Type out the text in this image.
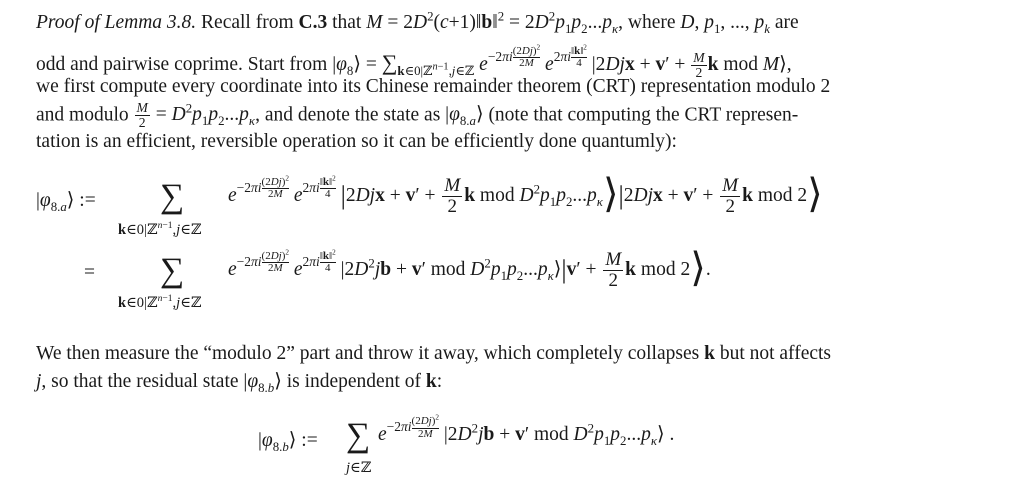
Proof of Lemma 3.8. Recall from C.3 that $M = 2D^2(c+1)‖b‖^2 = 2D^2p_1p_2...p_\kappa$, where D, $p_1$, ..., $p_k$ are
odd and pairwise coprime. Start from $|\varphi_8⟩ = \sum_{k\in 0|ℤ^{n-1},j\in ℤ}$ $e^{-2\pi i \frac{(2Dj)^2}{2M}}$ $e^{2\pi i \frac{‖k‖^2}{4}}$ $|2Djx + v' + \frac{M}{2}$ k mod M⟩,
we first compute every coordinate into its Chinese remainder theorem (CRT) representation modulo 2
and modulo $\frac{M}{2} = D^2p_1p_2...p_\kappa$, and denote the state as $|\varphi_{8.a}⟩$ (note that computing the CRT represen-
tation is an efficient, reversible operation so it can be efficiently done quantumly):
$|\varphi_{8.a}⟩$ := ∑
k∈0|ℤ$^{n-1}$,j∈ℤ
$e^{-2\pi i \frac{(2Dj)^2}{2M}}$ $e^{2\pi i \frac{‖k‖^2}{4}}$ $|2Djx + v' + \frac{M}{2}$ k mod $D^2p_1p_2...p_\kappa⟩|2Djx + v' + \frac{M}{2}$ k mod 2⟩
= ∑
k∈0|ℤ$^{n-1}$,j∈ℤ
$e^{-2\pi i \frac{(2Dj)^2}{2M}}$ $e^{2\pi i \frac{‖k‖^2}{4}}$ $|2D^2jb + v'$ mod $D^2p_1p_2...p_\kappa⟩|v' + \frac{M}{2}$ k mod 2⟩.
We then measure the “modulo 2” part and throw it away, which completely collapses k but not affects
j, so that the residual state $|\varphi_{8.b}⟩$ is independent of k:
$|\varphi_{8.b}⟩$ := ∑
j∈ℤ
$e^{-2\pi i \frac{(2Dj)^2}{2M}}$ $|2D^2jb + v'$ mod $D^2p_1p_2...p_\kappa⟩$ .
